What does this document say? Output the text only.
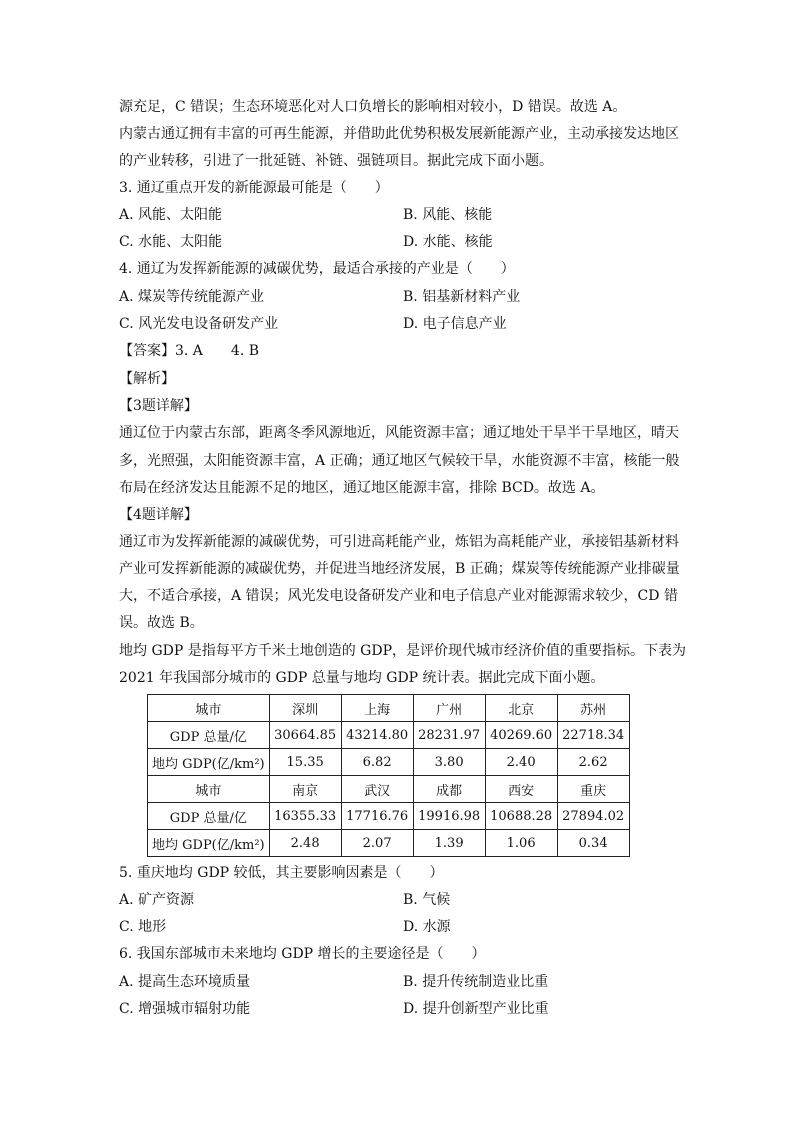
源充足，C 错误；生态环境恶化对人口负增长的影响相对较小，D 错误。故选 A。
内蒙古通辽拥有丰富的可再生能源，并借助此优势积极发展新能源产业，主动承接发达地区
的产业转移，引进了一批延链、补链、强链项目。据此完成下面小题。
3. 通辽重点开发的新能源最可能是（　　）
A. 风能、太阳能	B. 风能、核能
C. 水能、太阳能	D. 水能、核能
4. 通辽为发挥新能源的减碳优势，最适合承接的产业是（　　）
A. 煤炭等传统能源产业	B. 铝基新材料产业
C. 风光发电设备研发产业	D. 电子信息产业
【答案】3. A　　4. B
【解析】
【3题详解】
通辽位于内蒙古东部，距离冬季风源地近，风能资源丰富；通辽地处干旱半干旱地区，晴天
多，光照强，太阳能资源丰富，A 正确；通辽地区气候较干旱，水能资源不丰富，核能一般
布局在经济发达且能源不足的地区，通辽地区能源丰富，排除 BCD。故选 A。
【4题详解】
通辽市为发挥新能源的减碳优势，可引进高耗能产业，炼铝为高耗能产业，承接铝基新材料
产业可发挥新能源的减碳优势，并促进当地经济发展，B 正确；煤炭等传统能源产业排碳量
大，不适合承接，A 错误；风光发电设备研发产业和电子信息产业对能源需求较少，CD 错
误。故选 B。
地均 GDP 是指每平方千米土地创造的 GDP，是评价现代城市经济价值的重要指标。下表为
2021 年我国部分城市的 GDP 总量与地均 GDP 统计表。据此完成下面小题。
城市	深圳	上海	广州	北京	苏州
GDP 总量/亿	30664.85	43214.80	28231.97	40269.60	22718.34
地均 GDP(亿/km²)	15.35	6.82	3.80	2.40	2.62
城市	南京	武汉	成都	西安	重庆
GDP 总量/亿	16355.33	17716.76	19916.98	10688.28	27894.02
地均 GDP(亿/km²)	2.48	2.07	1.39	1.06	0.34
5. 重庆地均 GDP 较低，其主要影响因素是（　　）
A. 矿产资源	B. 气候
C. 地形	D. 水源
6. 我国东部城市未来地均 GDP 增长的主要途径是（　　）
A. 提高生态环境质量	B. 提升传统制造业比重
C. 增强城市辐射功能	D. 提升创新型产业比重
